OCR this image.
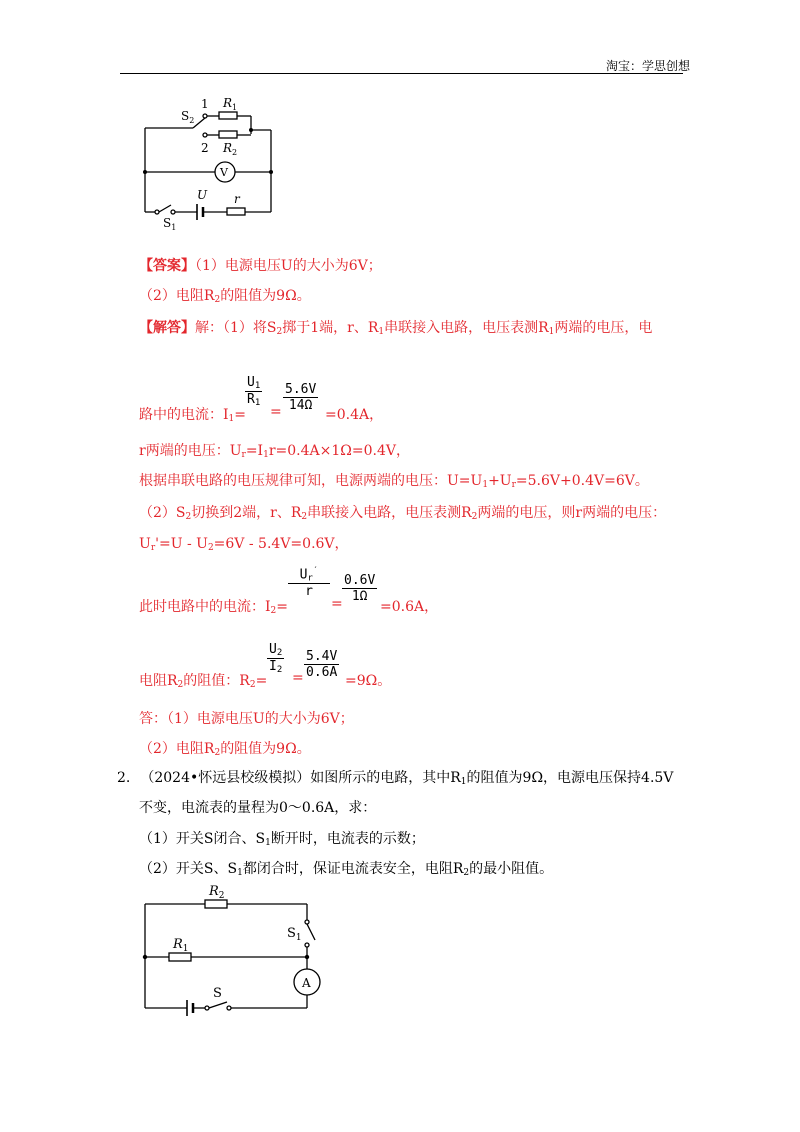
淘宝：学思创想
$S_2$
1
2
$R_1$
$R_2$
V
U r
$S_1$
【答案】（1）电源电压U的大小为6V；
（2）电阻$R_2$的阻值为9Ω。
【解答】解：（1）将$S_2$掷于1端，r、$R_1$串联接入电路，电压表测$R_1$两端的电压，电
路中的电流：$I_1=$
$\frac{U_1}{R_1}$
= $\frac{5.6V}{14\Omega}$
=0.4A，
r两端的电压：$U_r=I_1r=0.4A\times 1\Omega=0.4V$，
根据串联电路的电压规律可知，电源两端的电压：$U=U_1+U_r=5.6V+0.4V=6V$。
$(2)S_2$切换到2端，r、$R_2$串联接入电路，电压表测$R_2$两端的电压，则r两端的电压：
$U_r'=U - U_2=6V - 5.4V=0.6V$，
此时电路中的电流：$I_2=$
$\frac{U_r'}{r}$
= $\frac{0.6V}{1\Omega}$
=0.6A，
电阻$R_2$的阻值：$R_2=$
$\frac{U_2}{I_2}$
= $\frac{5.4V}{0.6A}$
=9Ω。
答：（1）电源电压U的大小为6V；
（2）电阻$R_2$的阻值为9Ω。
2. （2024•怀远县校级模拟）如图所示的电路，其中$R_1$的阻值为9Ω，电源电压保持4.5V
不变，电流表的量程为0～0.6A，求：
（1）开关S闭合、$S_1$断开时，电流表的示数；
（2）开关S、$S_1$都闭合时，保证电流表安全，电阻$R_2$的最小阻值。
$R_2$
$R_1$
$S_1$
A
S
